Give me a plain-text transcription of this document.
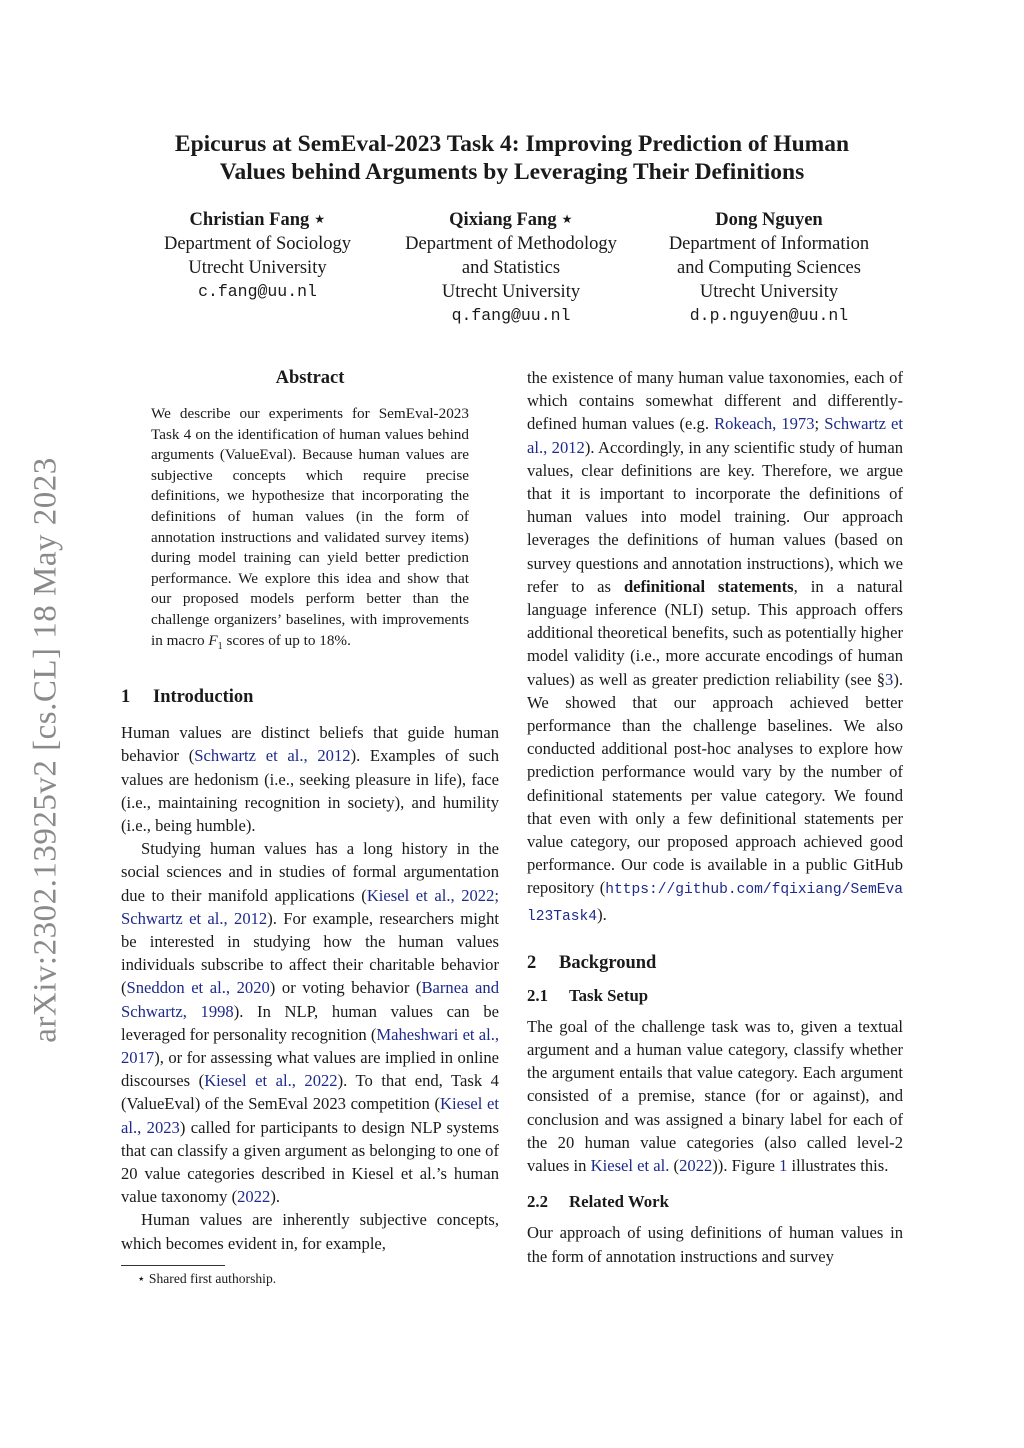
arXiv:2302.13925v2 [cs.CL] 18 May 2023
Epicurus at SemEval-2023 Task 4: Improving Prediction of Human
Values behind Arguments by Leveraging Their Definitions
Christian Fang ⋆
Department of Sociology
Utrecht University
c.fang@uu.nl
Qixiang Fang ⋆
Department of Methodology
and Statistics
Utrecht University
q.fang@uu.nl
Dong Nguyen
Department of Information
and Computing Sciences
Utrecht University
d.p.nguyen@uu.nl
Abstract

We describe our experiments for SemEval-2023 Task 4 on the identification of human values behind arguments (ValueEval). Because human values are subjective concepts which require precise definitions, we hypothesize that incorporating the definitions of human values (in the form of annotation instructions and validated survey items) during model training can yield better prediction performance. We explore this idea and show that our proposed models perform better than the challenge organizers’ baselines, with improvements in macro $F_1$ scores of up to 18%.

1 Introduction

Human values are distinct beliefs that guide human behavior (Schwartz et al., 2012). Examples of such values are hedonism (i.e., seeking pleasure in life), face (i.e., maintaining recognition in society), and humility (i.e., being humble).

Studying human values has a long history in the social sciences and in studies of formal argumentation due to their manifold applications (Kiesel et al., 2022; Schwartz et al., 2012). For example, researchers might be interested in studying how the human values individuals subscribe to affect their charitable behavior (Sneddon et al., 2020) or voting behavior (Barnea and Schwartz, 1998). In NLP, human values can be leveraged for personality recognition (Maheshwari et al., 2017), or for assessing what values are implied in online discourses (Kiesel et al., 2022). To that end, Task 4 (ValueEval) of the SemEval 2023 competition (Kiesel et al., 2023) called for participants to design NLP systems that can classify a given argument as belonging to one of 20 value categories described in Kiesel et al.’s human value taxonomy (2022).

Human values are inherently subjective concepts, which becomes evident in, for example,

⋆ Shared first authorship.

the existence of many human value taxonomies, each of which contains somewhat different and differently-defined human values (e.g. Rokeach, 1973; Schwartz et al., 2012). Accordingly, in any scientific study of human values, clear definitions are key. Therefore, we argue that it is important to incorporate the definitions of human values into model training. Our approach leverages the definitions of human values (based on survey questions and annotation instructions), which we refer to as definitional statements, in a natural language inference (NLI) setup. This approach offers additional theoretical benefits, such as potentially higher model validity (i.e., more accurate encodings of human values) as well as greater prediction reliability (see §3). We showed that our approach achieved better performance than the challenge baselines. We also conducted additional post-hoc analyses to explore how prediction performance would vary by the number of definitional statements per value category. We found that even with only a few definitional statements per value category, our proposed approach achieved good performance. Our code is available in a public GitHub repository (https://github.com/fqixiang/SemEval23Task4).

2 Background
2.1 Task Setup

The goal of the challenge task was to, given a textual argument and a human value category, classify whether the argument entails that value category. Each argument consisted of a premise, stance (for or against), and conclusion and was assigned a binary label for each of the 20 human value categories (also called level-2 values in Kiesel et al. (2022)). Figure 1 illustrates this.

2.2 Related Work

Our approach of using definitions of human values in the form of annotation instructions and survey
